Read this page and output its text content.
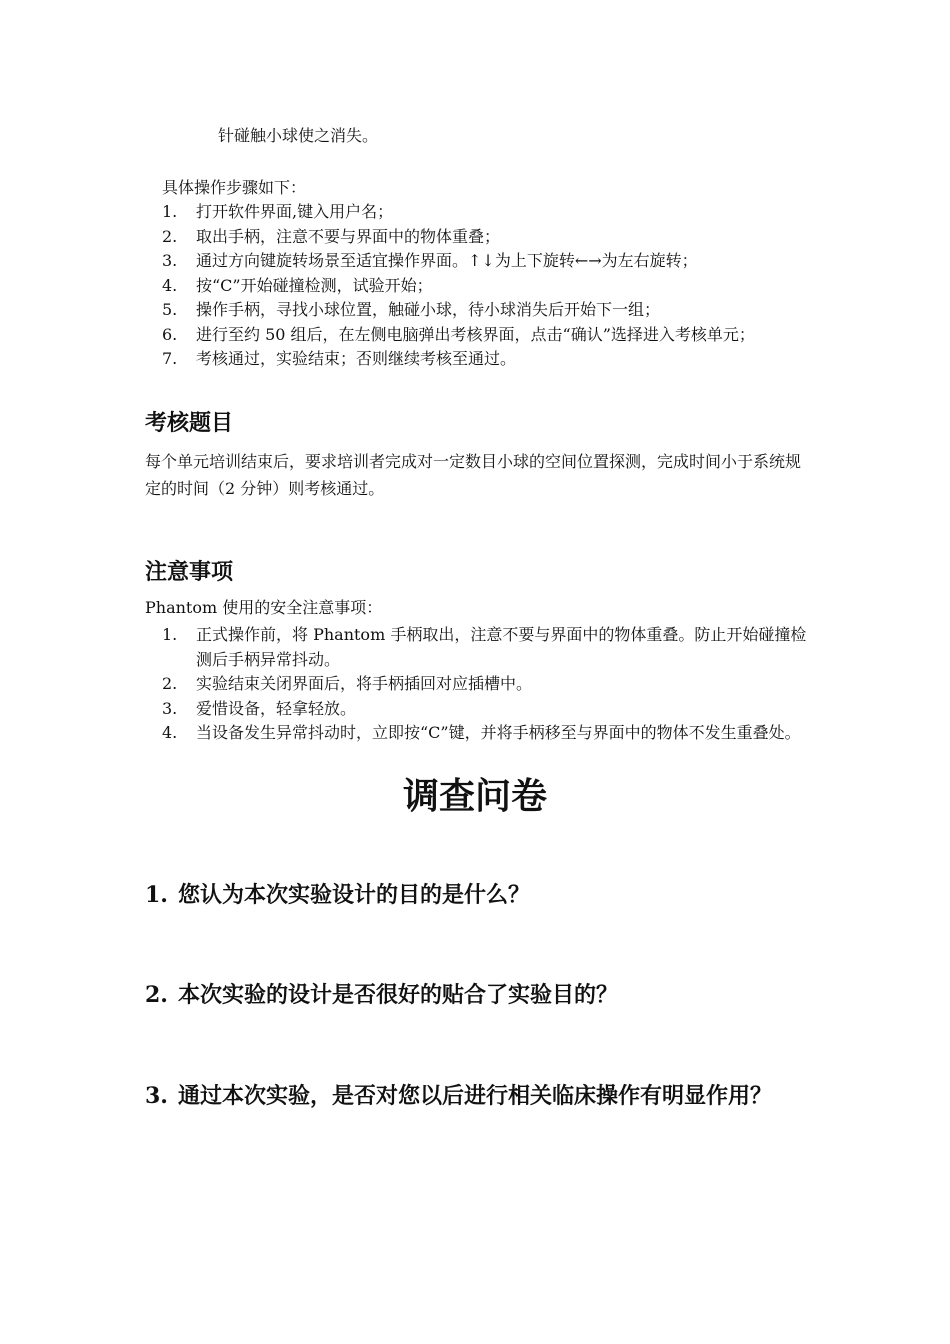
针碰触小球使之消失。
具体操作步骤如下：
1. 打开软件界面,键入用户名；
2. 取出手柄，注意不要与界面中的物体重叠；
3. 通过方向键旋转场景至适宜操作界面。↑↓为上下旋转←→为左右旋转；
4. 按“C”开始碰撞检测，试验开始；
5. 操作手柄，寻找小球位置，触碰小球，待小球消失后开始下一组；
6. 进行至约 50 组后，在左侧电脑弹出考核界面，点击“确认”选择进入考核单元；
7. 考核通过，实验结束；否则继续考核至通过。
考核题目
每个单元培训结束后，要求培训者完成对一定数目小球的空间位置探测，完成时间小于系统规定的时间（2 分钟）则考核通过。
注意事项
Phantom 使用的安全注意事项：
1. 正式操作前，将 Phantom 手柄取出，注意不要与界面中的物体重叠。防止开始碰撞检测后手柄异常抖动。
2. 实验结束关闭界面后，将手柄插回对应插槽中。
3. 爱惜设备，轻拿轻放。
4. 当设备发生异常抖动时，立即按“C”键，并将手柄移至与界面中的物体不发生重叠处。
调查问卷
1. 您认为本次实验设计的目的是什么？
2. 本次实验的设计是否很好的贴合了实验目的？
3. 通过本次实验，是否对您以后进行相关临床操作有明显作用？
